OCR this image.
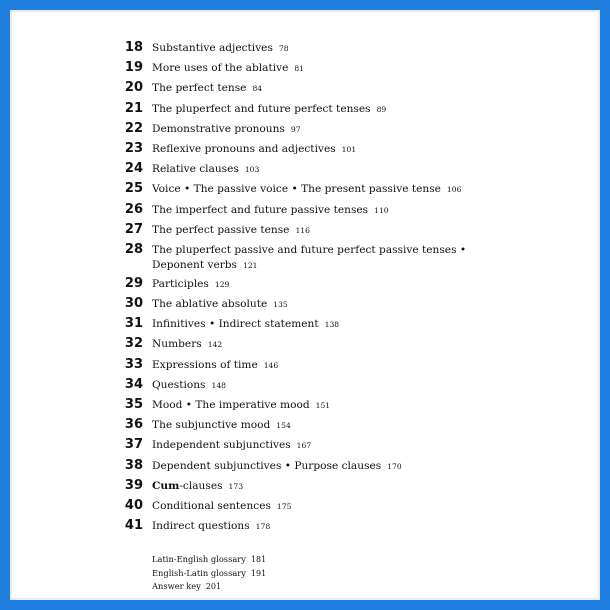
18 Substantive adjectives 78
19 More uses of the ablative 81
20 The perfect tense 84
21 The pluperfect and future perfect tenses 89
22 Demonstrative pronouns 97
23 Reflexive pronouns and adjectives 101
24 Relative clauses 103
25 Voice • The passive voice • The present passive tense 106
26 The imperfect and future passive tenses 110
27 The perfect passive tense 116
28 The pluperfect passive and future perfect passive tenses •
Deponent verbs 121
29 Participles 129
30 The ablative absolute 135
31 Infinitives • Indirect statement 138
32 Numbers 142
33 Expressions of time 146
34 Questions 148
35 Mood • The imperative mood 151
36 The subjunctive mood 154
37 Independent subjunctives 167
38 Dependent subjunctives • Purpose clauses 170
39 Cum-clauses 173
40 Conditional sentences 175
41 Indirect questions 178
Latin-English glossary 181
English-Latin glossary 191
Answer key 201
